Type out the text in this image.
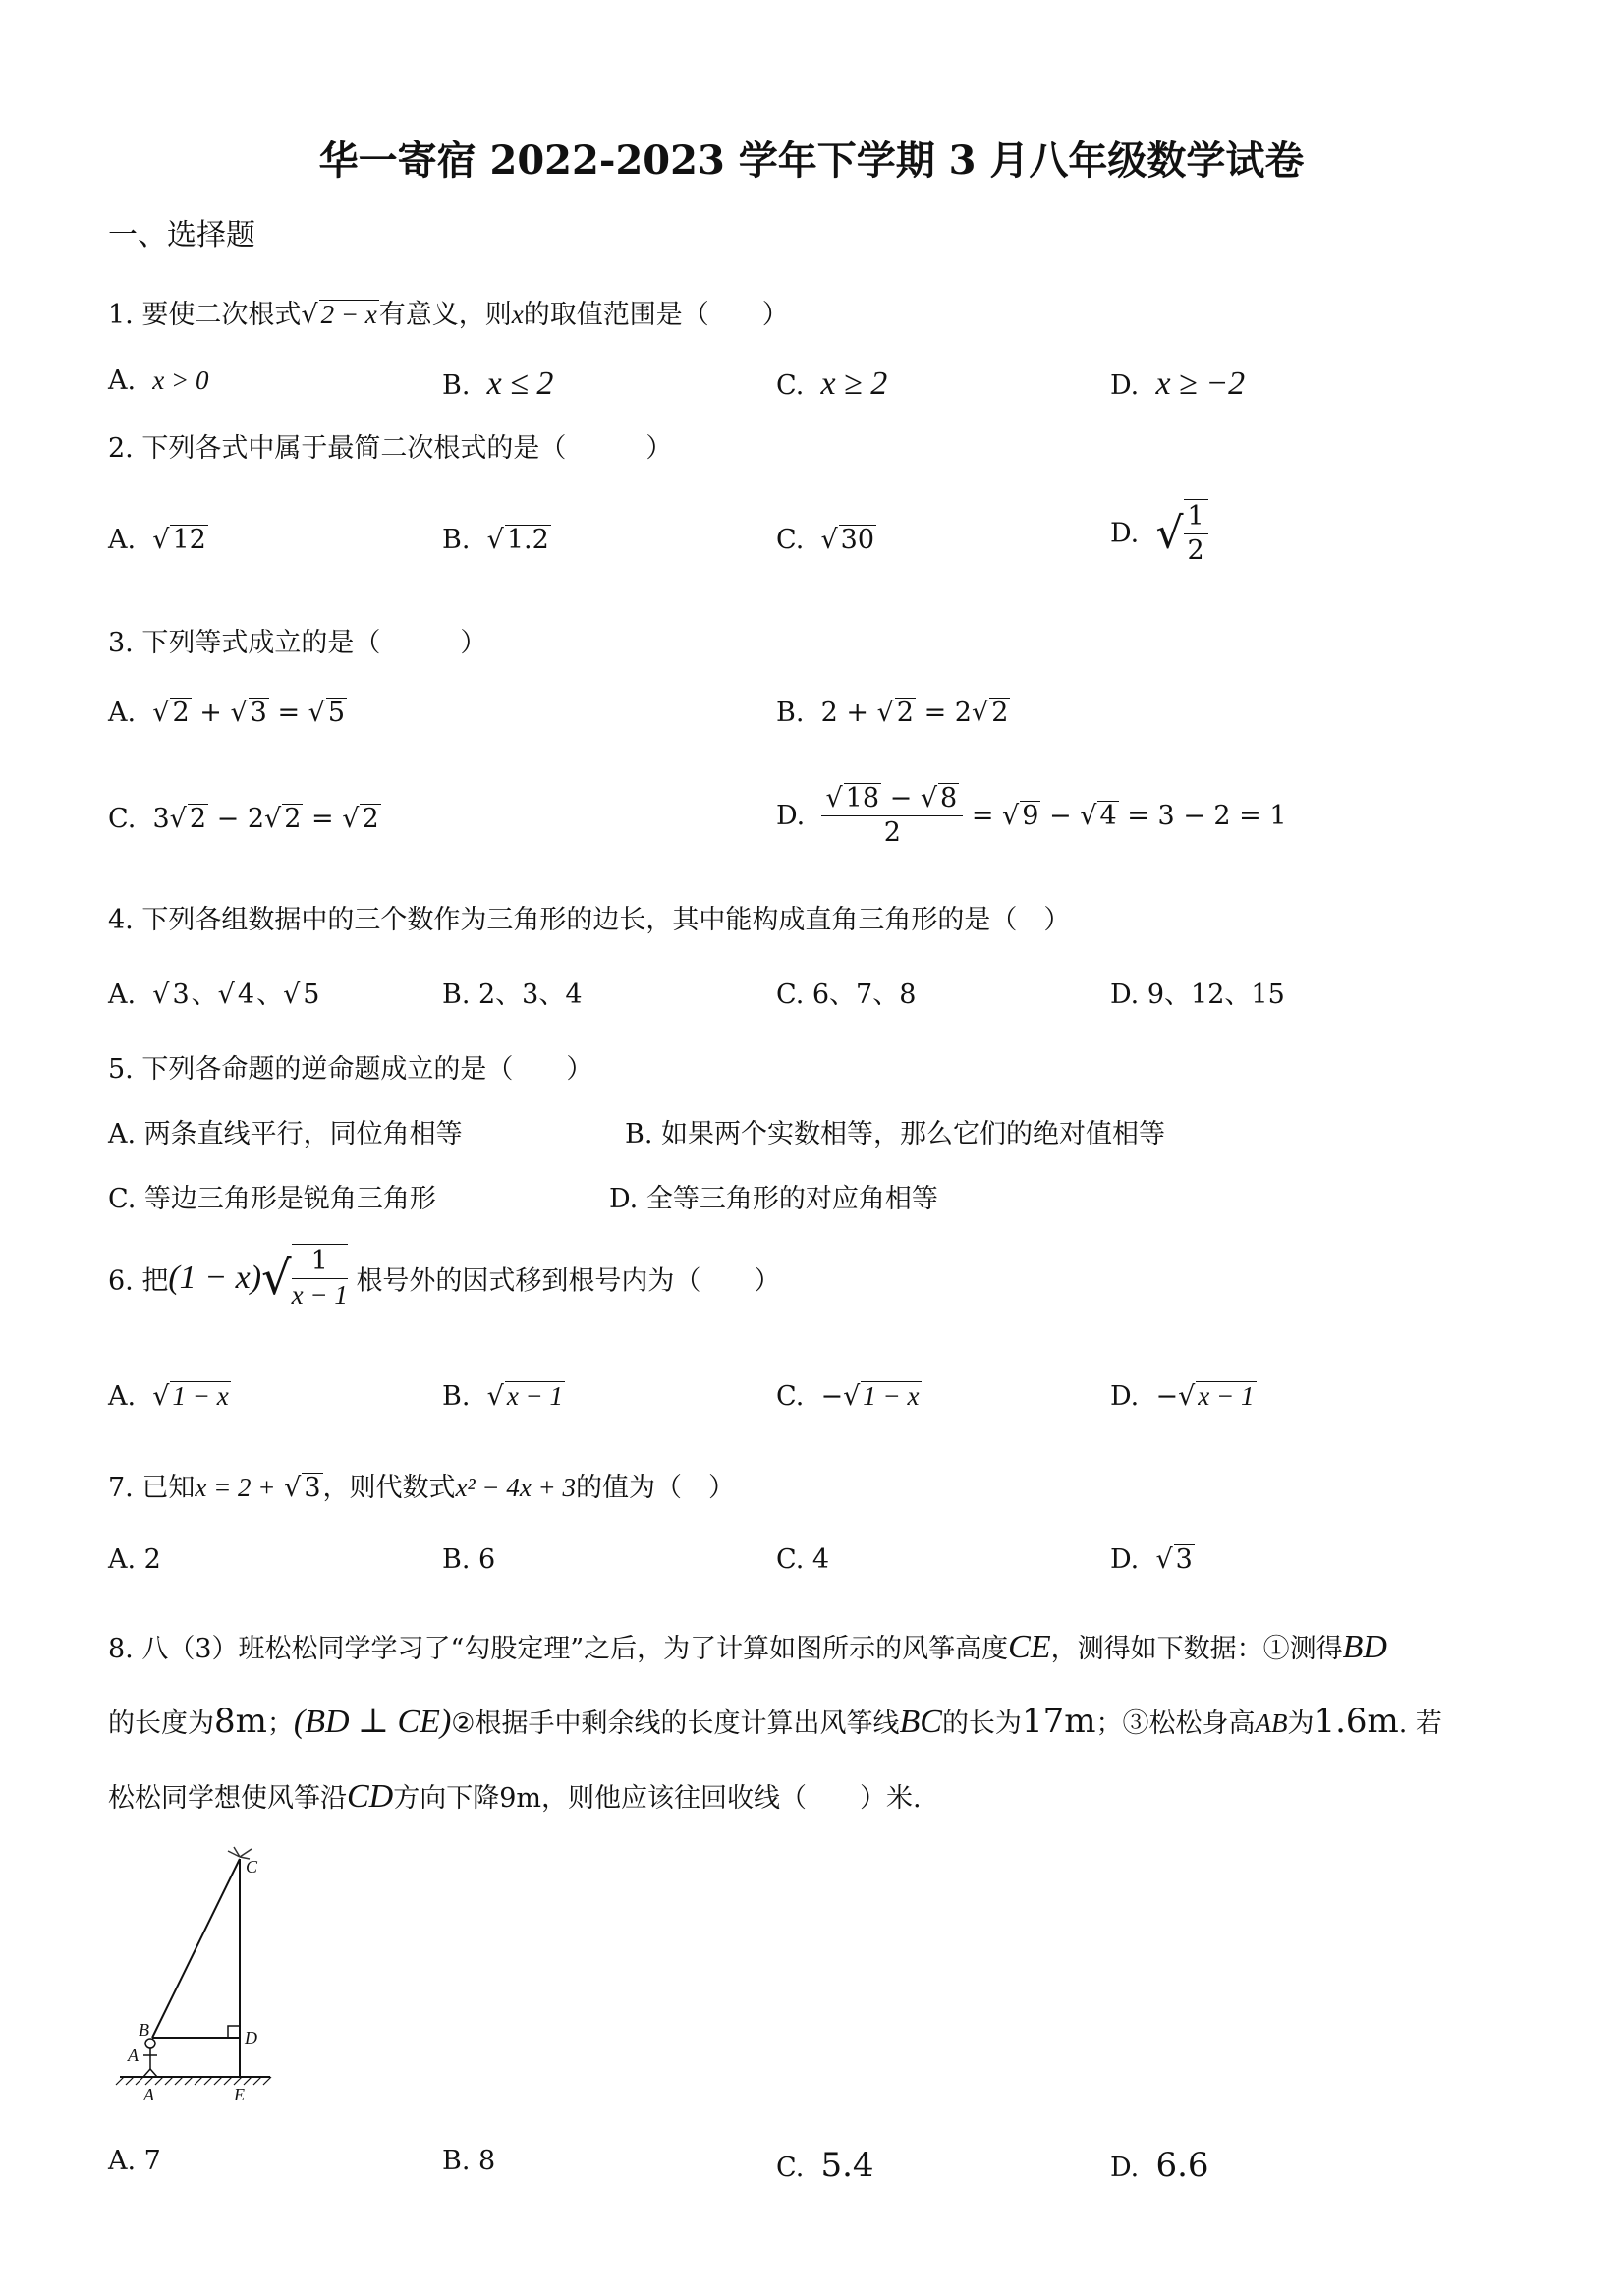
华一寄宿 2022-2023 学年下学期 3 月八年级数学试卷
一、选择题
1. 要使二次根式√ 2 − x有意义，则x的取值范围是（　　）
A. x > 0	B. x ≤ 2	C. x ≥ 2	D. x ≥ −2
2. 下列各式中属于最简二次根式的是（　　　）
A.  √ 12	B.  √ 1.2	C.  √ 30	D. √ $\frac{1}{2}$
3. 下列等式成立的是（　　　）
A.  √ 2 + √ 3 = √ 5	B. 2 + √ 2 = 2√ 2
C. 3√ 2 − 2√ 2 = √ 2	D. $\frac{√ 18 - √ 8}{2}$ = √ 9 − √ 4 = 3 − 2 = 1
4. 下列各组数据中的三个数作为三角形的边长，其中能构成直角三角形的是（　）
A.  √ 3、√ 4、√ 5	B. 2、3、4	C. 6、7、8	D. 9、12、15
5. 下列各命题的逆命题成立的是（　　）
A. 两条直线平行，同位角相等	B. 如果两个实数相等，那么它们的绝对值相等
C. 等边三角形是锐角三角形	D. 全等三角形的对应角相等
6. 把$(1 - x)√ \frac{1}{x - 1}$ 根号外的因式移到根号内为（　　）
A.  √ 1 − x	B.  √ x − 1	C. −√ 1 − x	D. −√ x − 1
7. 已知x = 2 + √ 3，则代数式x² − 4x + 3的值为（　）
A. 2	B. 6	C. 4	D.  √ 3
8. 八（3）班松松同学学习了“勾股定理”之后，为了计算如图所示的风筝高度CE，测得如下数据：①测得BD
的长度为8m；(BD ⊥ CE)②根据手中剩余线的长度计算出风筝线BC的长为17m；③松松身高AB为1.6m. 若
松松同学想使风筝沿CD方向下降9m，则他应该往回收线（　　）米.
C
B	D
A
A	E
A. 7	B. 8	C. 5.4	D. 6.6
